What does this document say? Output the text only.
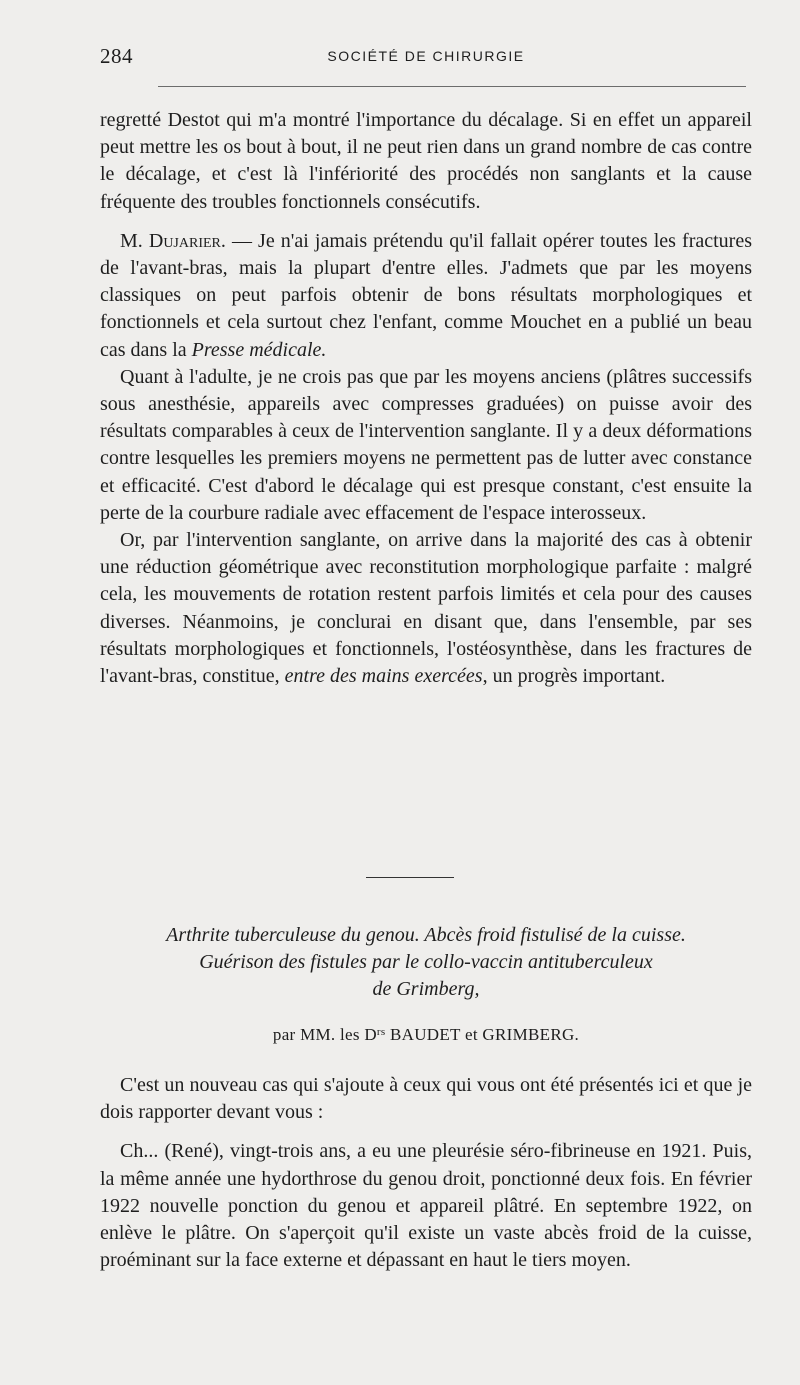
284	SOCIÉTÉ DE CHIRURGIE

regretté Destot qui m'a montré l'importance du décalage. Si en effet un appareil peut mettre les os bout à bout, il ne peut rien dans un grand nombre de cas contre le décalage, et c'est là l'infériorité des procédés non sanglants et la cause fréquente des troubles fonctionnels consécutifs.

M. Dujarier. — Je n'ai jamais prétendu qu'il fallait opérer toutes les fractures de l'avant-bras, mais la plupart d'entre elles. J'admets que par les moyens classiques on peut parfois obtenir de bons résultats morphologiques et fonctionnels et cela surtout chez l'enfant, comme Mouchet en a publié un beau cas dans la Presse médicale.

Quant à l'adulte, je ne crois pas que par les moyens anciens (plâtres successifs sous anesthésie, appareils avec compresses graduées) on puisse avoir des résultats comparables à ceux de l'intervention sanglante. Il y a deux déformations contre lesquelles les premiers moyens ne permettent pas de lutter avec constance et efficacité. C'est d'abord le décalage qui est presque constant, c'est ensuite la perte de la courbure radiale avec effacement de l'espace interosseux.

Or, par l'intervention sanglante, on arrive dans la majorité des cas à obtenir une réduction géométrique avec reconstitution morphologique parfaite : malgré cela, les mouvements de rotation restent parfois limités et cela pour des causes diverses. Néanmoins, je conclurai en disant que, dans l'ensemble, par ses résultats morphologiques et fonctionnels, l'ostéosynthèse, dans les fractures de l'avant-bras, constitue, entre des mains exercées, un progrès important.

Arthrite tuberculeuse du genou. Abcès froid fistulisé de la cuisse.
Guérison des fistules par le collo-vaccin antituberculeux
de Grimberg,
par MM. les $D^{rs}$ BAUDET et GRIMBERG.

C'est un nouveau cas qui s'ajoute à ceux qui vous ont été présentés ici et que je dois rapporter devant vous :

Ch... (René), vingt-trois ans, a eu une pleurésie séro-fibrineuse en 1921. Puis, la même année une hydorthrose du genou droit, ponctionné deux fois. En février 1922 nouvelle ponction du genou et appareil plâtré. En septembre 1922, on enlève le plâtre. On s'aperçoit qu'il existe un vaste abcès froid de la cuisse, proéminant sur la face externe et dépassant en haut le tiers moyen.
